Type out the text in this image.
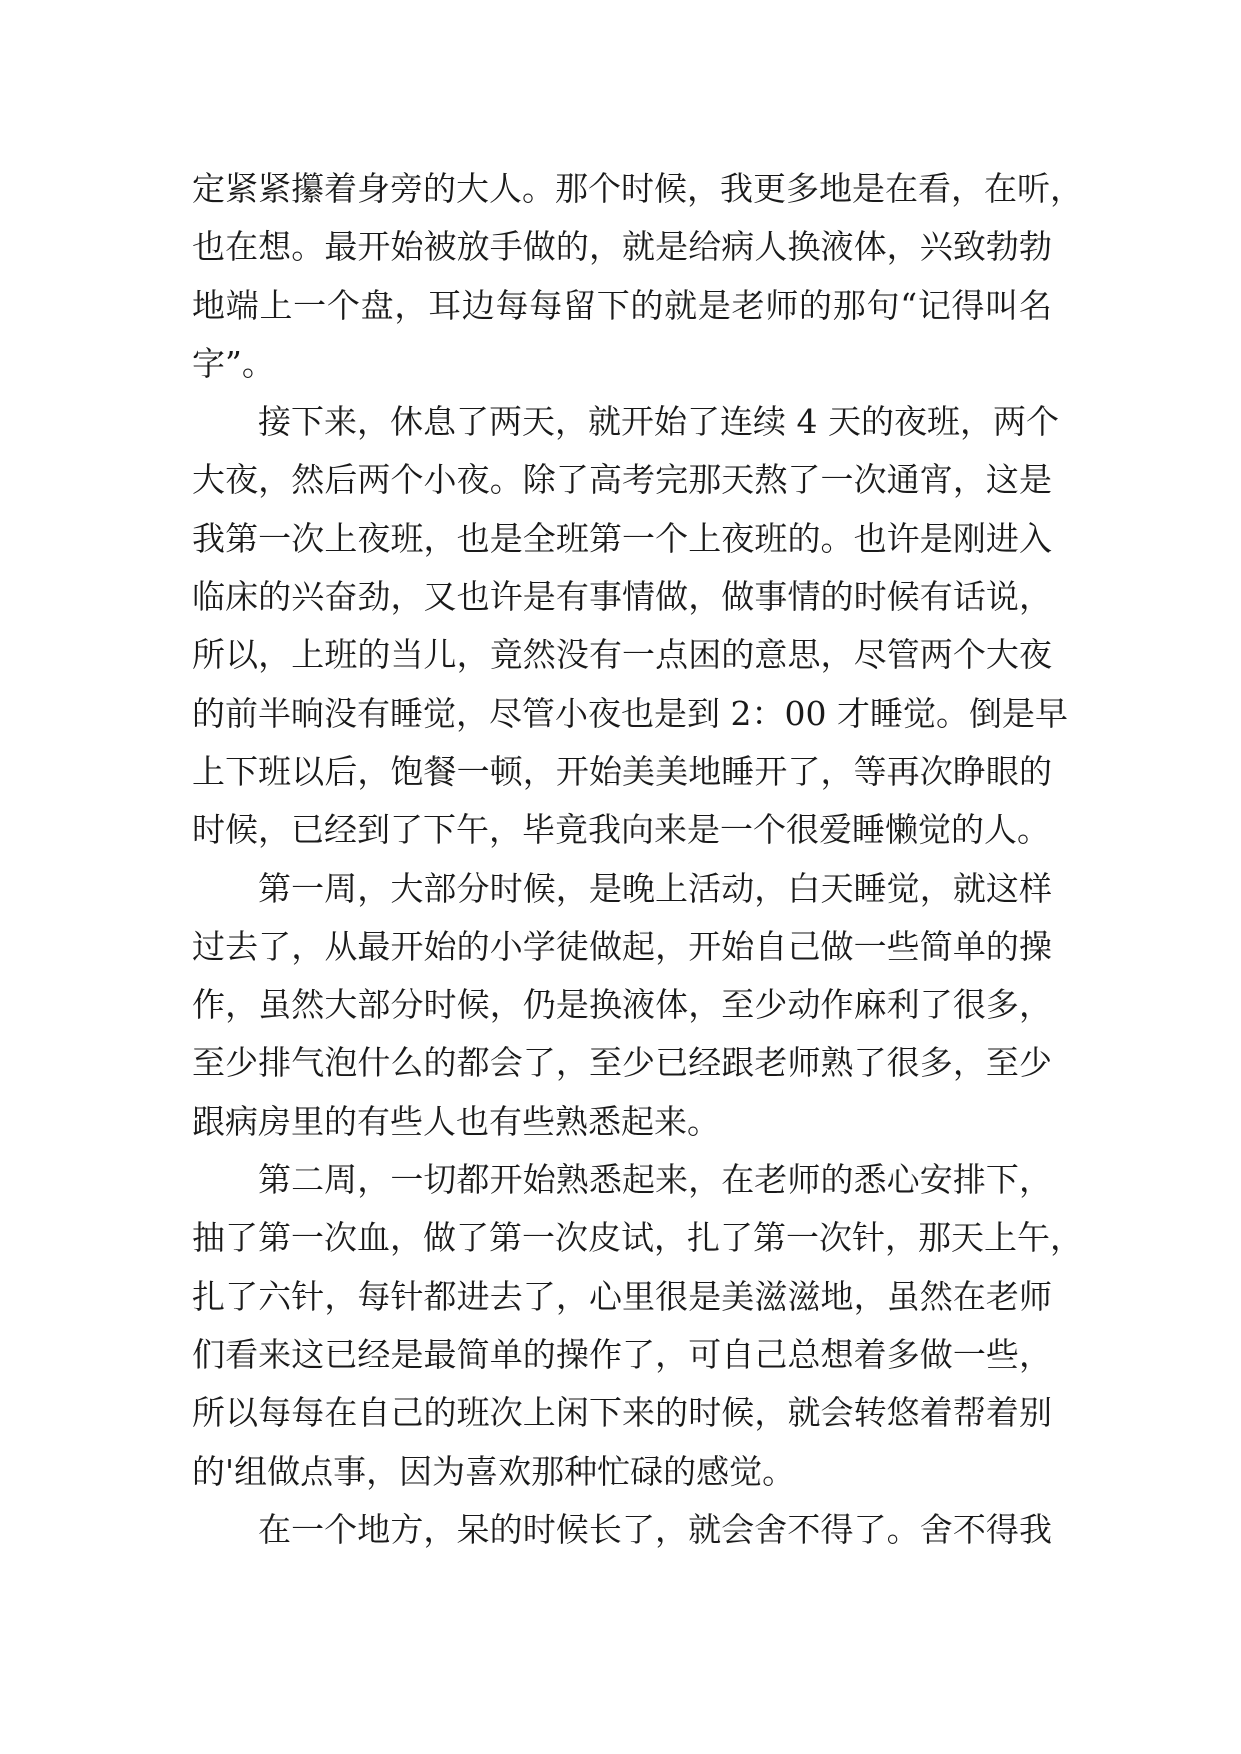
定紧紧攥着身旁的大人。那个时候，我更多地是在看，在听，
也在想。最开始被放手做的，就是给病人换液体，兴致勃勃
地端上一个盘，耳边每每留下的就是老师的那句“记得叫名
字”。
接下来，休息了两天，就开始了连续 4 天的夜班，两个
大夜，然后两个小夜。除了高考完那天熬了一次通宵，这是
我第一次上夜班，也是全班第一个上夜班的。也许是刚进入
临床的兴奋劲，又也许是有事情做，做事情的时候有话说，
所以，上班的当儿，竟然没有一点困的意思，尽管两个大夜
的前半晌没有睡觉，尽管小夜也是到 2：00 才睡觉。倒是早
上下班以后，饱餐一顿，开始美美地睡开了，等再次睁眼的
时候，已经到了下午，毕竟我向来是一个很爱睡懒觉的人。
第一周，大部分时候，是晚上活动，白天睡觉，就这样
过去了，从最开始的小学徒做起，开始自己做一些简单的操
作，虽然大部分时候，仍是换液体，至少动作麻利了很多，
至少排气泡什么的都会了，至少已经跟老师熟了很多，至少
跟病房里的有些人也有些熟悉起来。
第二周，一切都开始熟悉起来，在老师的悉心安排下，
抽了第一次血，做了第一次皮试，扎了第一次针，那天上午，
扎了六针，每针都进去了，心里很是美滋滋地，虽然在老师
们看来这已经是最简单的操作了，可自己总想着多做一些，
所以每每在自己的班次上闲下来的时候，就会转悠着帮着别
的'组做点事，因为喜欢那种忙碌的感觉。
在一个地方，呆的时候长了，就会舍不得了。舍不得我
